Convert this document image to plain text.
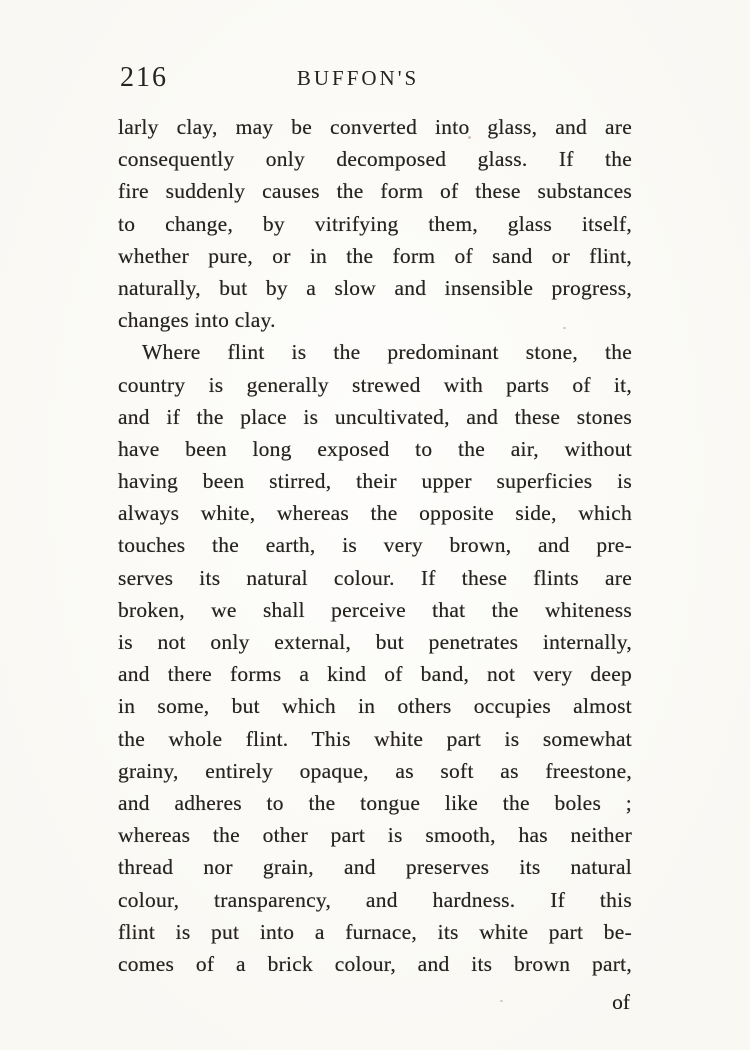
216	BUFFON'S
larly clay, may be converted into glass, and are
consequently only decomposed glass. If the
fire suddenly causes the form of these substances
to change, by vitrifying them, glass itself,
whether pure, or in the form of sand or flint,
naturally, but by a slow and insensible progress,
changes into clay.
Where flint is the predominant stone, the
country is generally strewed with parts of it,
and if the place is uncultivated, and these stones
have been long exposed to the air, without
having been stirred, their upper superficies is
always white, whereas the opposite side, which
touches the earth, is very brown, and pre-
serves its natural colour. If these flints are
broken, we shall perceive that the whiteness
is not only external, but penetrates internally,
and there forms a kind of band, not very deep
in some, but which in others occupies almost
the whole flint. This white part is somewhat
grainy, entirely opaque, as soft as freestone,
and adheres to the tongue like the boles ;
whereas the other part is smooth, has neither
thread nor grain, and preserves its natural
colour, transparency, and hardness. If this
flint is put into a furnace, its white part be-
comes of a brick colour, and its brown part,
of
